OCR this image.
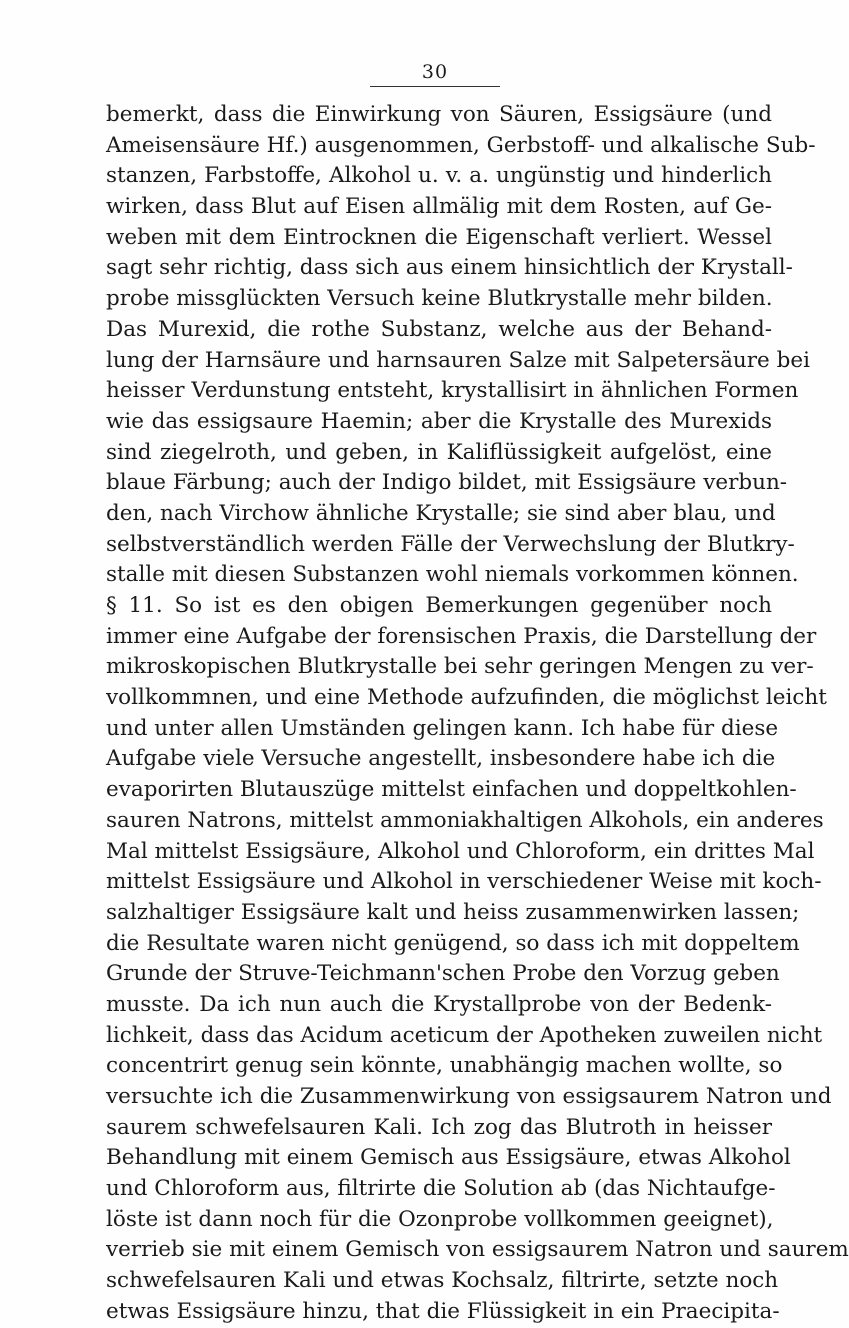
30
bemerkt, dass die Einwirkung von Säuren, Essigsäure (und
Ameisensäure Hf.) ausgenommen, Gerbstoff- und alkalische Sub-
stanzen, Farbstoffe, Alkohol u. v. a. ungünstig und hinderlich
wirken, dass Blut auf Eisen allmälig mit dem Rosten, auf Ge-
weben mit dem Eintrocknen die Eigenschaft verliert. Wessel
sagt sehr richtig, dass sich aus einem hinsichtlich der Krystall-
probe missglückten Versuch keine Blutkrystalle mehr bilden.
Das Murexid, die rothe Substanz, welche aus der Behand-
lung der Harnsäure und harnsauren Salze mit Salpetersäure bei
heisser Verdunstung entsteht, krystallisirt in ähnlichen Formen
wie das essigsaure Haemin; aber die Krystalle des Murexids
sind ziegelroth, und geben, in Kaliflüssigkeit aufgelöst, eine
blaue Färbung; auch der Indigo bildet, mit Essigsäure verbun-
den, nach Virchow ähnliche Krystalle; sie sind aber blau, und
selbstverständlich werden Fälle der Verwechslung der Blutkry-
stalle mit diesen Substanzen wohl niemals vorkommen können.
§ 11. So ist es den obigen Bemerkungen gegenüber noch
immer eine Aufgabe der forensischen Praxis, die Darstellung der
mikroskopischen Blutkrystalle bei sehr geringen Mengen zu ver-
vollkommnen, und eine Methode aufzufinden, die möglichst leicht
und unter allen Umständen gelingen kann. Ich habe für diese
Aufgabe viele Versuche angestellt, insbesondere habe ich die
evaporirten Blutauszüge mittelst einfachen und doppeltkohlen-
sauren Natrons, mittelst ammoniakhaltigen Alkohols, ein anderes
Mal mittelst Essigsäure, Alkohol und Chloroform, ein drittes Mal
mittelst Essigsäure und Alkohol in verschiedener Weise mit koch-
salzhaltiger Essigsäure kalt und heiss zusammenwirken lassen;
die Resultate waren nicht genügend, so dass ich mit doppeltem
Grunde der Struve-Teichmann'schen Probe den Vorzug geben
musste. Da ich nun auch die Krystallprobe von der Bedenk-
lichkeit, dass das Acidum aceticum der Apotheken zuweilen nicht
concentrirt genug sein könnte, unabhängig machen wollte, so
versuchte ich die Zusammenwirkung von essigsaurem Natron und
saurem schwefelsauren Kali. Ich zog das Blutroth in heisser
Behandlung mit einem Gemisch aus Essigsäure, etwas Alkohol
und Chloroform aus, filtrirte die Solution ab (das Nichtaufge-
löste ist dann noch für die Ozonprobe vollkommen geeignet),
verrieb sie mit einem Gemisch von essigsaurem Natron und saurem
schwefelsauren Kali und etwas Kochsalz, filtrirte, setzte noch
etwas Essigsäure hinzu, that die Flüssigkeit in ein Praecipita-
